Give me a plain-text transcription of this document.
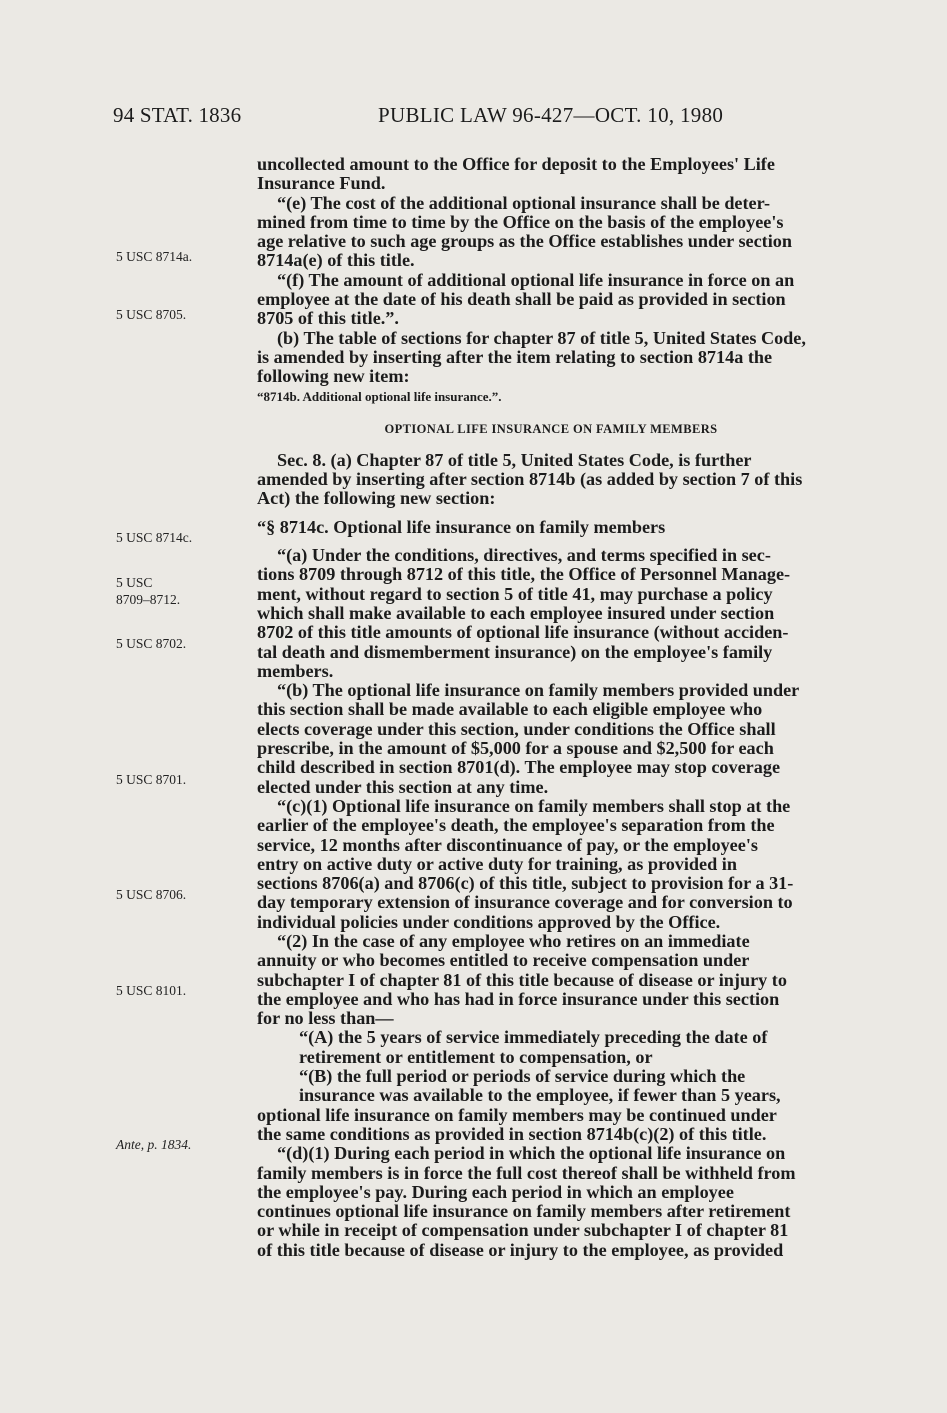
94 STAT. 1836	PUBLIC LAW 96-427—OCT. 10, 1980
5 USC 8714a.
5 USC 8705.
5 USC 8714c.
5 USC
8709–8712.
5 USC 8702.
5 USC 8701.
5 USC 8706.
5 USC 8101.
Ante, p. 1834.
uncollected amount to the Office for deposit to the Employees' Life
Insurance Fund.
“(e) The cost of the additional optional insurance shall be deter-
mined from time to time by the Office on the basis of the employee's
age relative to such age groups as the Office establishes under section
8714a(e) of this title.
“(f) The amount of additional optional life insurance in force on an
employee at the date of his death shall be paid as provided in section
8705 of this title.”.
(b) The table of sections for chapter 87 of title 5, United States Code,
is amended by inserting after the item relating to section 8714a the
following new item:
“8714b. Additional optional life insurance.”.
OPTIONAL LIFE INSURANCE ON FAMILY MEMBERS
Sec. 8. (a) Chapter 87 of title 5, United States Code, is further
amended by inserting after section 8714b (as added by section 7 of this
Act) the following new section:
“§ 8714c. Optional life insurance on family members
“(a) Under the conditions, directives, and terms specified in sec-
tions 8709 through 8712 of this title, the Office of Personnel Manage-
ment, without regard to section 5 of title 41, may purchase a policy
which shall make available to each employee insured under section
8702 of this title amounts of optional life insurance (without acciden-
tal death and dismemberment insurance) on the employee's family
members.
“(b) The optional life insurance on family members provided under
this section shall be made available to each eligible employee who
elects coverage under this section, under conditions the Office shall
prescribe, in the amount of $5,000 for a spouse and $2,500 for each
child described in section 8701(d). The employee may stop coverage
elected under this section at any time.
“(c)(1) Optional life insurance on family members shall stop at the
earlier of the employee's death, the employee's separation from the
service, 12 months after discontinuance of pay, or the employee's
entry on active duty or active duty for training, as provided in
sections 8706(a) and 8706(c) of this title, subject to provision for a 31-
day temporary extension of insurance coverage and for conversion to
individual policies under conditions approved by the Office.
“(2) In the case of any employee who retires on an immediate
annuity or who becomes entitled to receive compensation under
subchapter I of chapter 81 of this title because of disease or injury to
the employee and who has had in force insurance under this section
for no less than—
“(A) the 5 years of service immediately preceding the date of
retirement or entitlement to compensation, or
“(B) the full period or periods of service during which the
insurance was available to the employee, if fewer than 5 years,
optional life insurance on family members may be continued under
the same conditions as provided in section 8714b(c)(2) of this title.
“(d)(1) During each period in which the optional life insurance on
family members is in force the full cost thereof shall be withheld from
the employee's pay. During each period in which an employee
continues optional life insurance on family members after retirement
or while in receipt of compensation under subchapter I of chapter 81
of this title because of disease or injury to the employee, as provided
